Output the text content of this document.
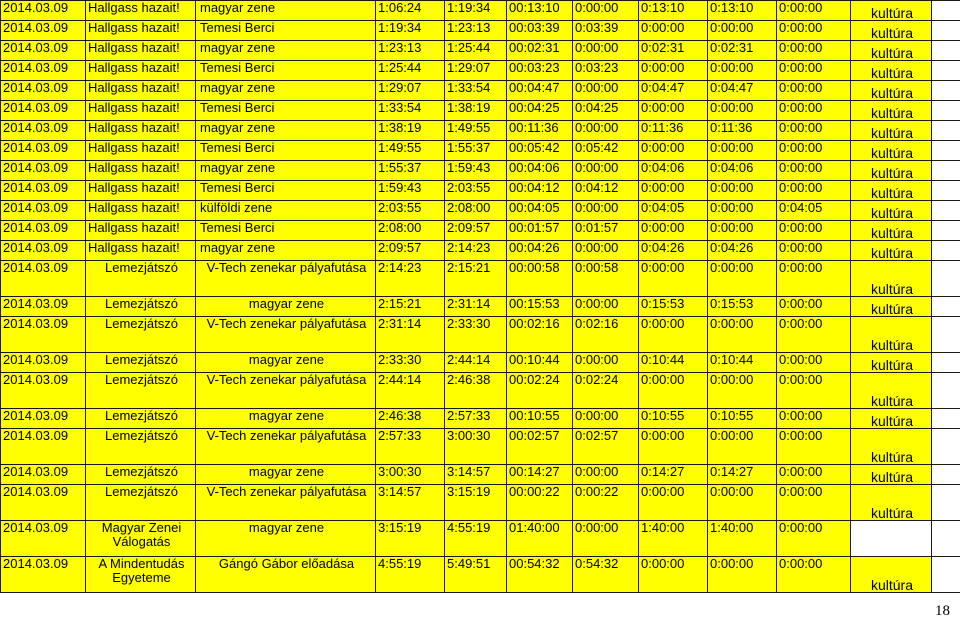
2014.03.09	Hallgass hazait!	magyar zene	1:06:24	1:19:34	00:13:10	0:00:00	0:13:10	0:13:10	0:00:00	kultúra	
2014.03.09	Hallgass hazait!	Temesi Berci	1:19:34	1:23:13	00:03:39	0:03:39	0:00:00	0:00:00	0:00:00	kultúra	
2014.03.09	Hallgass hazait!	magyar zene	1:23:13	1:25:44	00:02:31	0:00:00	0:02:31	0:02:31	0:00:00	kultúra	
2014.03.09	Hallgass hazait!	Temesi Berci	1:25:44	1:29:07	00:03:23	0:03:23	0:00:00	0:00:00	0:00:00	kultúra	
2014.03.09	Hallgass hazait!	magyar zene	1:29:07	1:33:54	00:04:47	0:00:00	0:04:47	0:04:47	0:00:00	kultúra	
2014.03.09	Hallgass hazait!	Temesi Berci	1:33:54	1:38:19	00:04:25	0:04:25	0:00:00	0:00:00	0:00:00	kultúra	
2014.03.09	Hallgass hazait!	magyar zene	1:38:19	1:49:55	00:11:36	0:00:00	0:11:36	0:11:36	0:00:00	kultúra	
2014.03.09	Hallgass hazait!	Temesi Berci	1:49:55	1:55:37	00:05:42	0:05:42	0:00:00	0:00:00	0:00:00	kultúra	
2014.03.09	Hallgass hazait!	magyar zene	1:55:37	1:59:43	00:04:06	0:00:00	0:04:06	0:04:06	0:00:00	kultúra	
2014.03.09	Hallgass hazait!	Temesi Berci	1:59:43	2:03:55	00:04:12	0:04:12	0:00:00	0:00:00	0:00:00	kultúra	
2014.03.09	Hallgass hazait!	külföldi zene	2:03:55	2:08:00	00:04:05	0:00:00	0:04:05	0:00:00	0:04:05	kultúra	
2014.03.09	Hallgass hazait!	Temesi Berci	2:08:00	2:09:57	00:01:57	0:01:57	0:00:00	0:00:00	0:00:00	kultúra	
2014.03.09	Hallgass hazait!	magyar zene	2:09:57	2:14:23	00:04:26	0:00:00	0:04:26	0:04:26	0:00:00	kultúra	
2014.03.09	Lemezjátszó	V-Tech zenekar pályafutása	2:14:23	2:15:21	00:00:58	0:00:58	0:00:00	0:00:00	0:00:00	kultúra	
2014.03.09	Lemezjátszó	magyar zene	2:15:21	2:31:14	00:15:53	0:00:00	0:15:53	0:15:53	0:00:00	kultúra	
2014.03.09	Lemezjátszó	V-Tech zenekar pályafutása	2:31:14	2:33:30	00:02:16	0:02:16	0:00:00	0:00:00	0:00:00	kultúra	
2014.03.09	Lemezjátszó	magyar zene	2:33:30	2:44:14	00:10:44	0:00:00	0:10:44	0:10:44	0:00:00	kultúra	
2014.03.09	Lemezjátszó	V-Tech zenekar pályafutása	2:44:14	2:46:38	00:02:24	0:02:24	0:00:00	0:00:00	0:00:00	kultúra	
2014.03.09	Lemezjátszó	magyar zene	2:46:38	2:57:33	00:10:55	0:00:00	0:10:55	0:10:55	0:00:00	kultúra	
2014.03.09	Lemezjátszó	V-Tech zenekar pályafutása	2:57:33	3:00:30	00:02:57	0:02:57	0:00:00	0:00:00	0:00:00	kultúra	
2014.03.09	Lemezjátszó	magyar zene	3:00:30	3:14:57	00:14:27	0:00:00	0:14:27	0:14:27	0:00:00	kultúra	
2014.03.09	Lemezjátszó	V-Tech zenekar pályafutása	3:14:57	3:15:19	00:00:22	0:00:22	0:00:00	0:00:00	0:00:00	kultúra	
2014.03.09	Magyar Zenei Válogatás	magyar zene	3:15:19	4:55:19	01:40:00	0:00:00	1:40:00	1:40:00	0:00:00		
2014.03.09	A Mindentudás Egyeteme	Gángó Gábor előadása	4:55:19	5:49:51	00:54:32	0:54:32	0:00:00	0:00:00	0:00:00	kultúra	
18
